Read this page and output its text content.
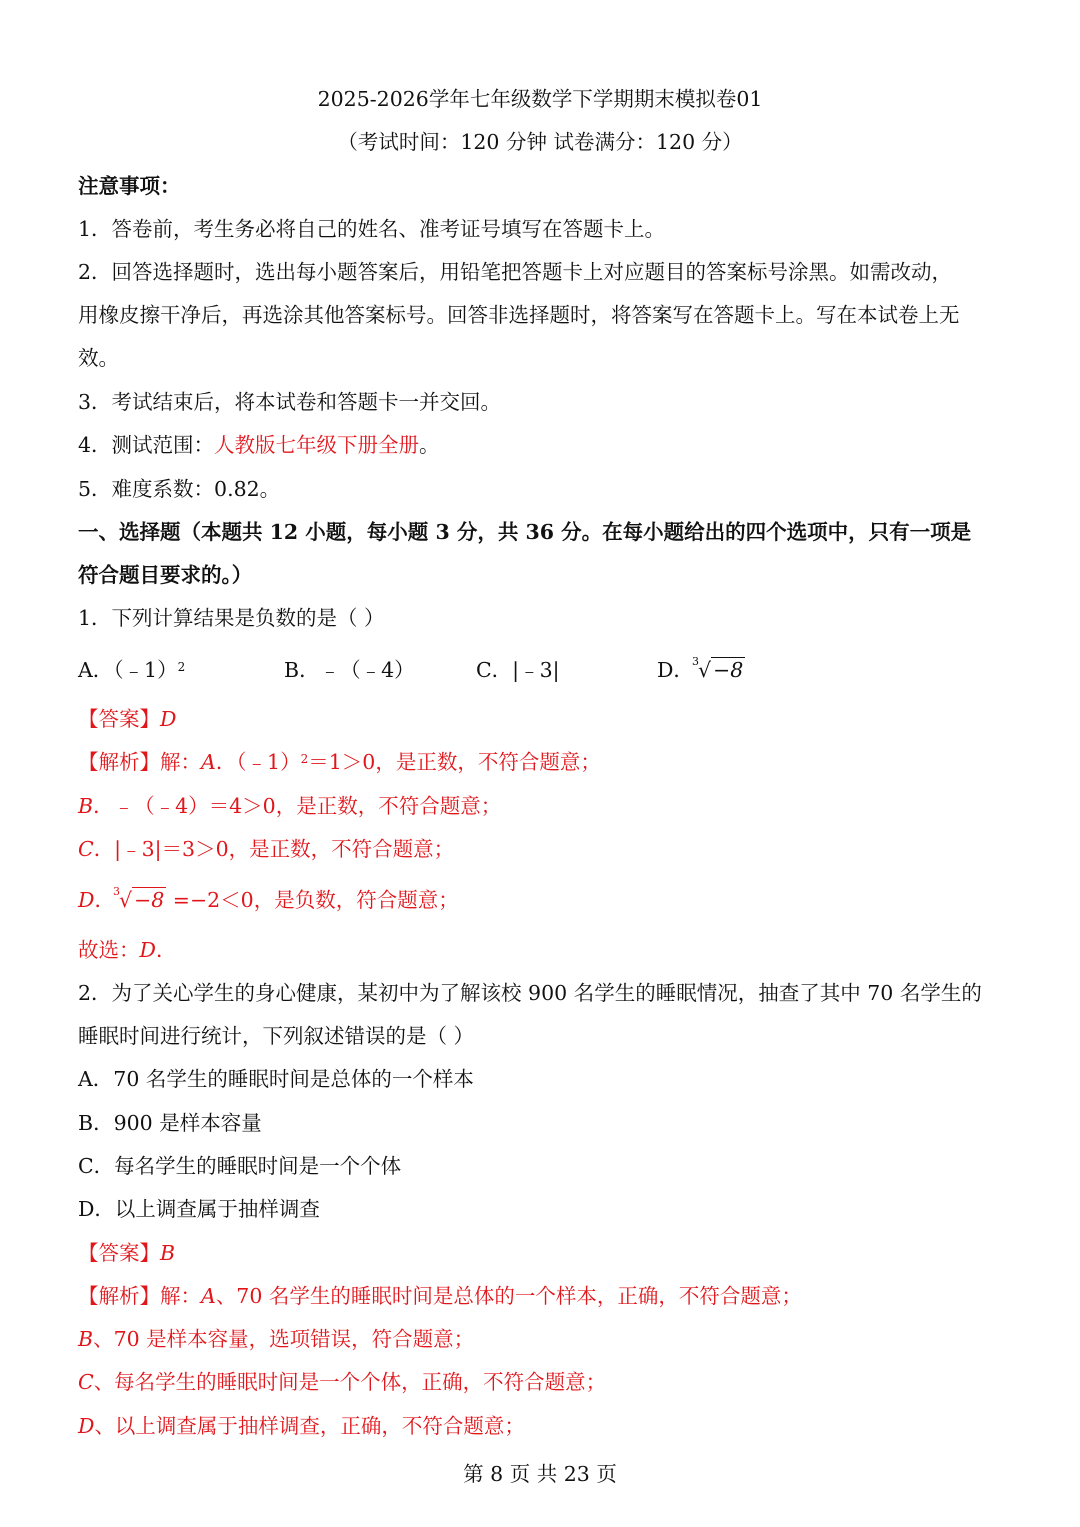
2025-2026学年七年级数学下学期期末模拟卷01
（考试时间：120 分钟 试卷满分：120 分）
注意事项：
1．答卷前，考生务必将自己的姓名、准考证号填写在答题卡上。
2．回答选择题时，选出每小题答案后，用铅笔把答题卡上对应题目的答案标号涂黑。如需改动，
用橡皮擦干净后，再选涂其他答案标号。回答非选择题时，将答案写在答题卡上。写在本试卷上无
效。
3．考试结束后，将本试卷和答题卡一并交回。
4．测试范围：人教版七年级下册全册。
5．难度系数：0.82。
一、选择题（本题共 12 小题，每小题 3 分，共 36 分。在每小题给出的四个选项中，只有一项是
符合题目要求的。）
1．下列计算结果是负数的是（ ）
A．（﹣1）$^2$	B．﹣（﹣4）	C．|﹣3|	D．
3 √−8
【答案】D
【解析】解：A．（﹣1）$^2$＝1＞0，是正数，不符合题意；
B．﹣（﹣4）＝4＞0，是正数，不符合题意；
C．|﹣3|＝3＞0，是正数，不符合题意；
D．
3 √−8 =−2＜0，是负数，符合题意；
故选：D．
2．为了关心学生的身心健康，某初中为了解该校 900 名学生的睡眠情况，抽查了其中 70 名学生的
睡眠时间进行统计，下列叙述错误的是（ ）
A．70 名学生的睡眠时间是总体的一个样本
B．900 是样本容量
C．每名学生的睡眠时间是一个个体
D．以上调查属于抽样调查
【答案】B
【解析】解：A、70 名学生的睡眠时间是总体的一个样本，正确，不符合题意；
B、70 是样本容量，选项错误，符合题意；
C、每名学生的睡眠时间是一个个体，正确，不符合题意；
D、以上调查属于抽样调查，正确，不符合题意；
第 8 页 共 23 页
